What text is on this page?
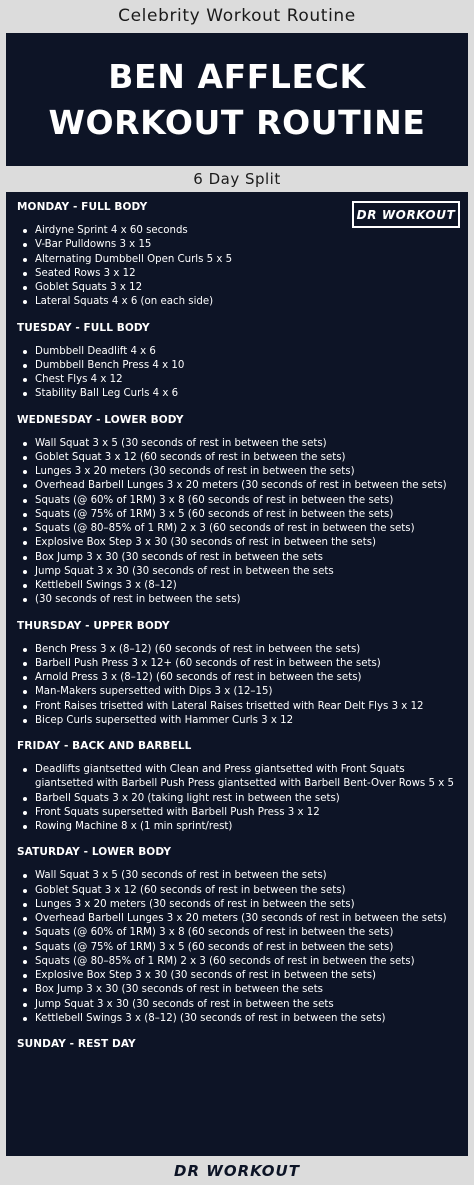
Celebrity Workout Routine
BEN AFFLECK
WORKOUT ROUTINE
6 Day Split
DR WORKOUT
MONDAY - FULL BODY
Airdyne Sprint 4 x 60 seconds
V-Bar Pulldowns 3 x 15
Alternating Dumbbell Open Curls 5 x 5
Seated Rows 3 x 12
Goblet Squats 3 x 12
Lateral Squats 4 x 6 (on each side)
TUESDAY - FULL BODY
Dumbbell Deadlift 4 x 6
Dumbbell Bench Press 4 x 10
Chest Flys 4 x 12
Stability Ball Leg Curls 4 x 6
WEDNESDAY - LOWER BODY
Wall Squat 3 x 5 (30 seconds of rest in between the sets)
Goblet Squat 3 x 12 (60 seconds of rest in between the sets)
Lunges 3 x 20 meters (30 seconds of rest in between the sets)
Overhead Barbell Lunges 3 x 20 meters (30 seconds of rest in between the sets)
Squats (@ 60% of 1RM) 3 x 8 (60 seconds of rest in between the sets)
Squats (@ 75% of 1RM) 3 x 5 (60 seconds of rest in between the sets)
Squats (@ 80–85% of 1 RM) 2 x 3 (60 seconds of rest in between the sets)
Explosive Box Step 3 x 30 (30 seconds of rest in between the sets)
Box Jump 3 x 30 (30 seconds of rest in between the sets
Jump Squat 3 x 30 (30 seconds of rest in between the sets
Kettlebell Swings 3 x (8–12)
(30 seconds of rest in between the sets)
THURSDAY - UPPER BODY
Bench Press 3 x (8–12) (60 seconds of rest in between the sets)
Barbell Push Press 3 x 12+ (60 seconds of rest in between the sets)
Arnold Press 3 x (8–12) (60 seconds of rest in between the sets)
Man-Makers supersetted with Dips 3 x (12–15)
Front Raises trisetted with Lateral Raises trisetted with Rear Delt Flys 3 x 12
Bicep Curls supersetted with Hammer Curls 3 x 12
FRIDAY - BACK AND BARBELL
Deadlifts giantsetted with Clean and Press giantsetted with Front Squats giantsetted with Barbell Push Press giantsetted with Barbell Bent-Over Rows 5 x 5
Barbell Squats 3 x 20 (taking light rest in between the sets)
Front Squats supersetted with Barbell Push Press 3 x 12
Rowing Machine 8 x (1 min sprint/rest)
SATURDAY - LOWER BODY
Wall Squat 3 x 5 (30 seconds of rest in between the sets)
Goblet Squat 3 x 12 (60 seconds of rest in between the sets)
Lunges 3 x 20 meters (30 seconds of rest in between the sets)
Overhead Barbell Lunges 3 x 20 meters (30 seconds of rest in between the sets)
Squats (@ 60% of 1RM) 3 x 8 (60 seconds of rest in between the sets)
Squats (@ 75% of 1RM) 3 x 5 (60 seconds of rest in between the sets)
Squats (@ 80–85% of 1 RM) 2 x 3 (60 seconds of rest in between the sets)
Explosive Box Step 3 x 30 (30 seconds of rest in between the sets)
Box Jump 3 x 30 (30 seconds of rest in between the sets
Jump Squat 3 x 30 (30 seconds of rest in between the sets
Kettlebell Swings 3 x (8–12) (30 seconds of rest in between the sets)
SUNDAY - REST DAY
DR WORKOUT
